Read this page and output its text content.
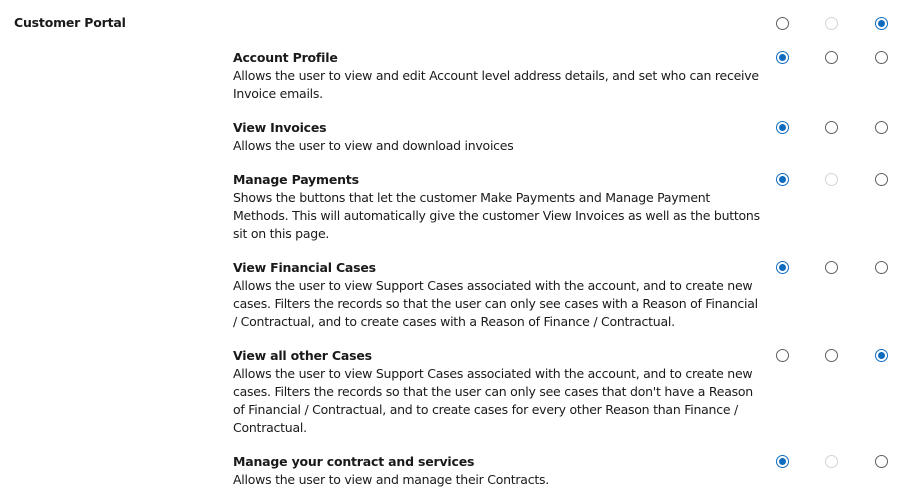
Customer Portal
Account Profile
Allows the user to view and edit Account level address details, and set who can receive Invoice emails.
View Invoices
Allows the user to view and download invoices
Manage Payments
Shows the buttons that let the customer Make Payments and Manage Payment Methods. This will automatically give the customer View Invoices as well as the buttons sit on this page.
View Financial Cases
Allows the user to view Support Cases associated with the account, and to create new cases. Filters the records so that the user can only see cases with a Reason of Financial / Contractual, and to create cases with a Reason of Finance / Contractual.
View all other Cases
Allows the user to view Support Cases associated with the account, and to create new cases. Filters the records so that the user can only see cases that don't have a Reason of Financial / Contractual, and to create cases for every other Reason than Finance / Contractual.
Manage your contract and services
Allows the user to view and manage their Contracts.
